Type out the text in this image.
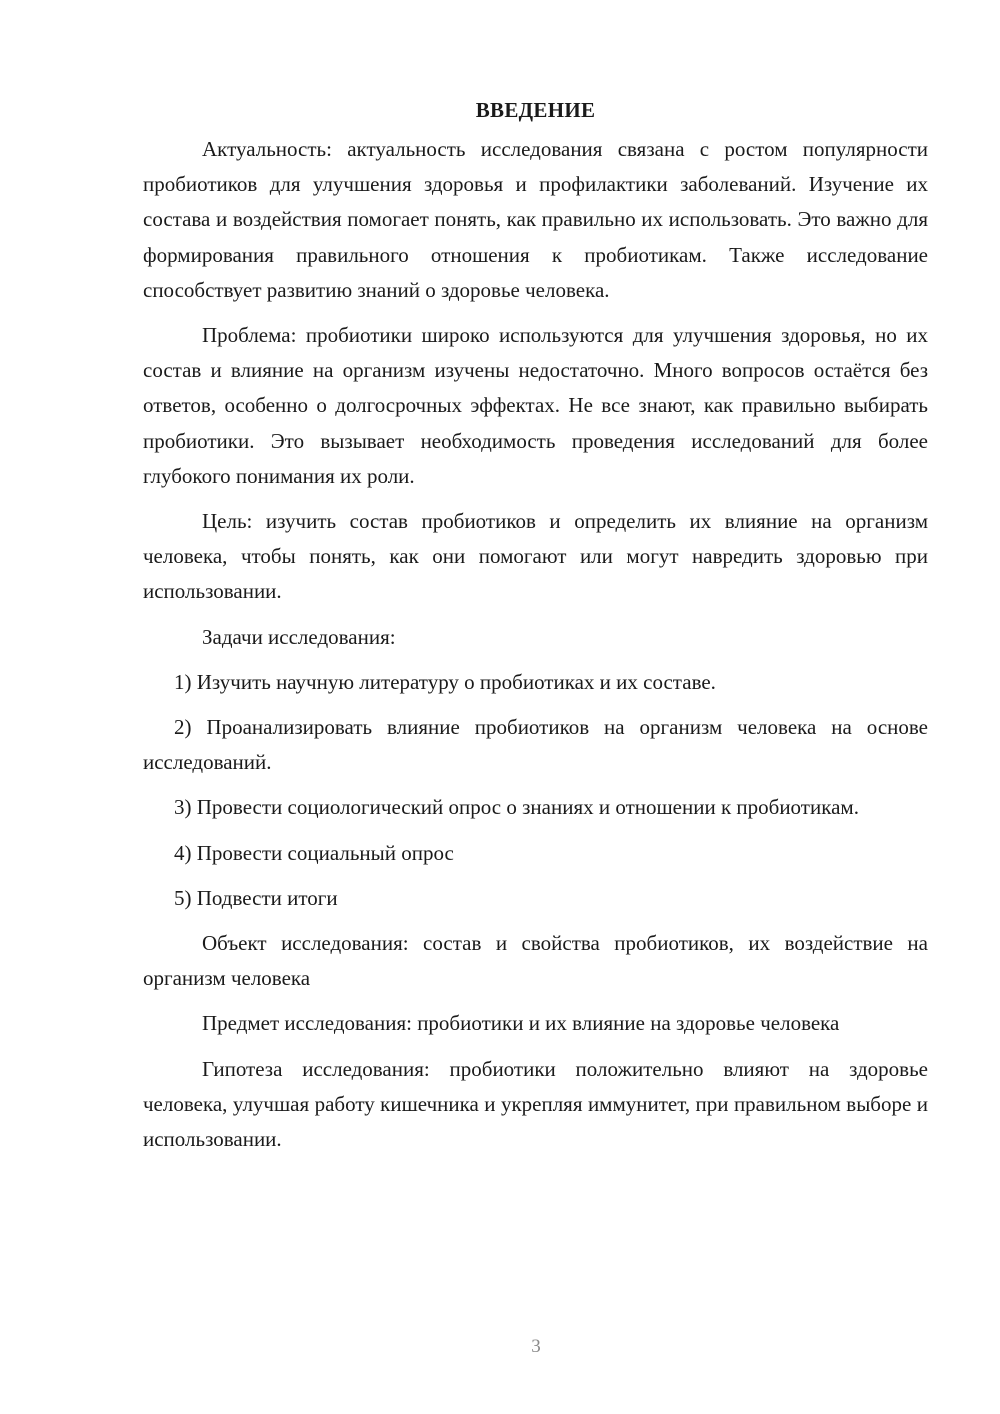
ВВЕДЕНИЕ

Актуальность: актуальность исследования связана с ростом популярности пробиотиков для улучшения здоровья и профилактики заболеваний. Изучение их состава и воздействия помогает понять, как правильно их использовать. Это важно для формирования правильного отношения к пробиотикам. Также исследование способствует развитию знаний о здоровье человека.

Проблема: пробиотики широко используются для улучшения здоровья, но их состав и влияние на организм изучены недостаточно. Много вопросов остаётся без ответов, особенно о долгосрочных эффектах. Не все знают, как правильно выбирать пробиотики. Это вызывает необходимость проведения исследований для более глубокого понимания их роли.

Цель: изучить состав пробиотиков и определить их влияние на организм человека, чтобы понять, как они помогают или могут навредить здоровью при использовании.

Задачи исследования:

1) Изучить научную литературу о пробиотиках и их составе.

2) Проанализировать влияние пробиотиков на организм человека на основе исследований.

3) Провести социологический опрос о знаниях и отношении к пробиотикам.

4) Провести социальный опрос

5) Подвести итоги

Объект исследования: состав и свойства пробиотиков, их воздействие на организм человека

Предмет исследования: пробиотики и их влияние на здоровье человека

Гипотеза исследования: пробиотики положительно влияют на здоровье человека, улучшая работу кишечника и укрепляя иммунитет, при правильном выборе и использовании.

3
